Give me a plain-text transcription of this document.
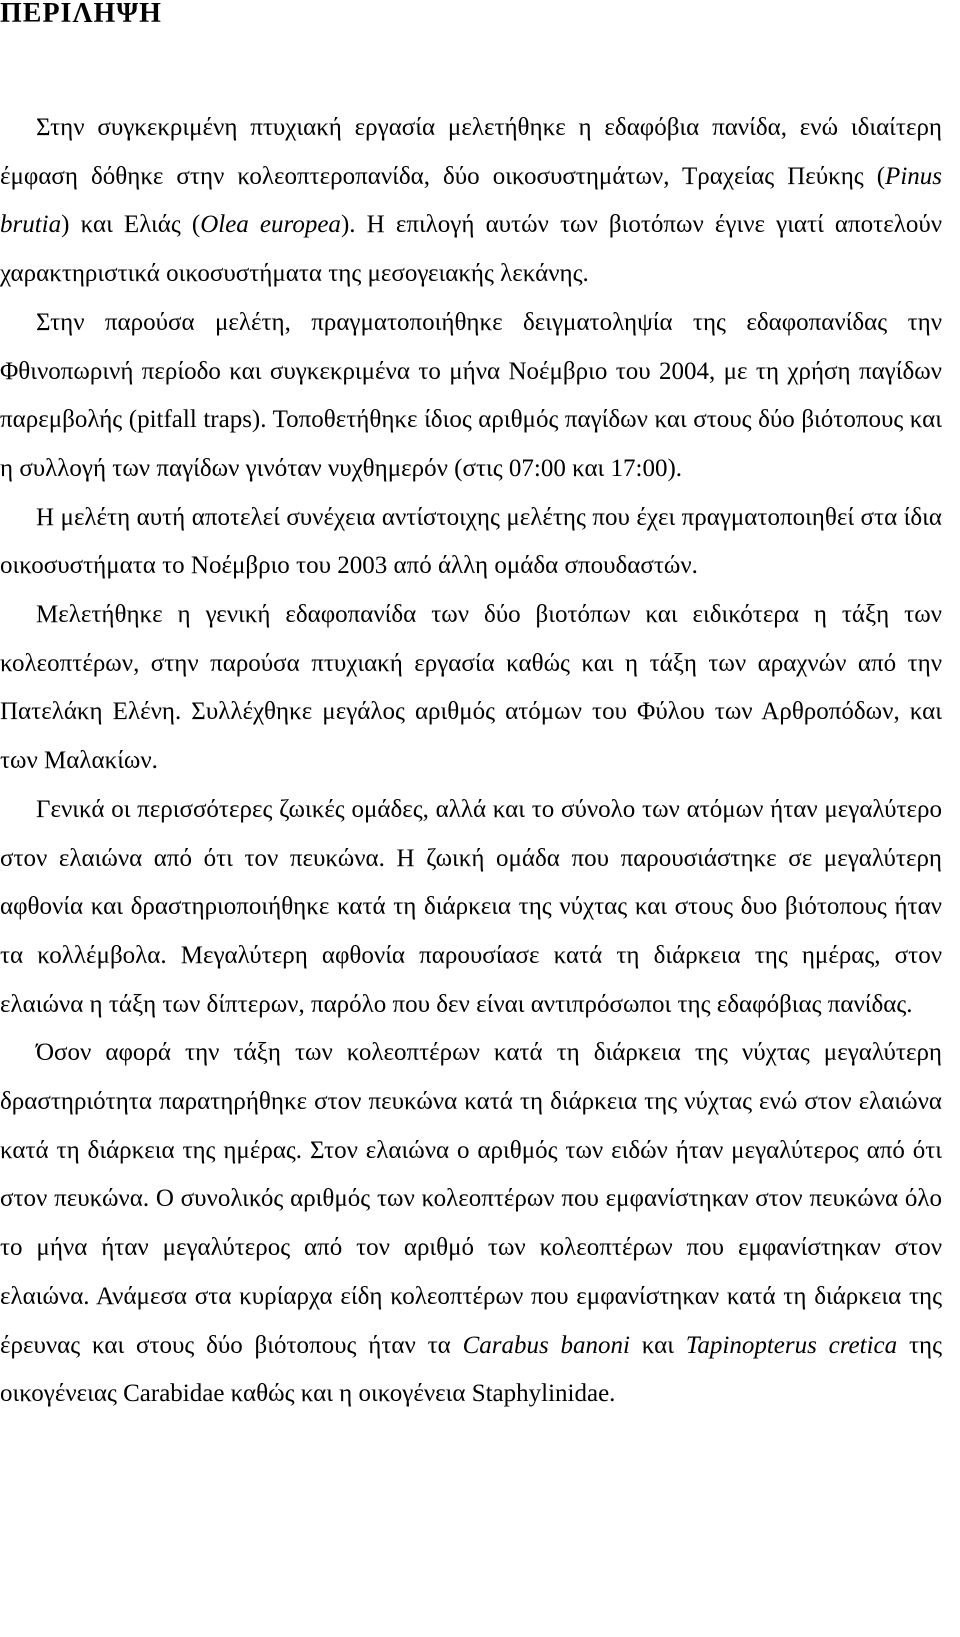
ΠΕΡΙΛΗΨΗ

Στην συγκεκριμένη πτυχιακή εργασία μελετήθηκε η εδαφόβια πανίδα, ενώ ιδιαίτερη έμφαση δόθηκε στην κολεοπτεροπανίδα, δύο οικοσυστημάτων, Τραχείας Πεύκης (Pinus brutia) και Ελιάς (Olea europea). Η επιλογή αυτών των βιοτόπων έγινε γιατί αποτελούν χαρακτηριστικά οικοσυστήματα της μεσογειακής λεκάνης.

Στην παρούσα μελέτη, πραγματοποιήθηκε δειγματοληψία της εδαφοπανίδας την Φθινοπωρινή περίοδο και συγκεκριμένα το μήνα Νοέμβριο του 2004, με τη χρήση παγίδων παρεμβολής (pitfall traps). Τοποθετήθηκε ίδιος αριθμός παγίδων και στους δύο βιότοπους και η συλλογή των παγίδων γινόταν νυχθημερόν (στις 07:00 και 17:00).

Η μελέτη αυτή αποτελεί συνέχεια αντίστοιχης μελέτης που έχει πραγματοποιηθεί στα ίδια οικοσυστήματα το Νοέμβριο του 2003 από άλλη ομάδα σπουδαστών.

Μελετήθηκε η γενική εδαφοπανίδα των δύο βιοτόπων και ειδικότερα η τάξη των κολεοπτέρων, στην παρούσα πτυχιακή εργασία καθώς και η τάξη των αραχνών από την Πατελάκη Ελένη. Συλλέχθηκε μεγάλος αριθμός ατόμων του Φύλου των Αρθροπόδων, και των Μαλακίων.

Γενικά οι περισσότερες ζωικές ομάδες, αλλά και το σύνολο των ατόμων ήταν μεγαλύτερο στον ελαιώνα από ότι τον πευκώνα. Η ζωική ομάδα που παρουσιάστηκε σε μεγαλύτερη αφθονία και δραστηριοποιήθηκε κατά τη διάρκεια της νύχτας και στους δυο βιότοπους ήταν τα κολλέμβολα. Μεγαλύτερη αφθονία παρουσίασε κατά τη διάρκεια της ημέρας, στον ελαιώνα η τάξη των δίπτερων, παρόλο που δεν είναι αντιπρόσωποι της εδαφόβιας πανίδας.

Όσον αφορά την τάξη των κολεοπτέρων κατά τη διάρκεια της νύχτας μεγαλύτερη δραστηριότητα παρατηρήθηκε στον πευκώνα κατά τη διάρκεια της νύχτας ενώ στον ελαιώνα κατά τη διάρκεια της ημέρας. Στον ελαιώνα ο αριθμός των ειδών ήταν μεγαλύτερος από ότι στον πευκώνα. Ο συνολικός αριθμός των κολεοπτέρων που εμφανίστηκαν στον πευκώνα όλο το μήνα ήταν μεγαλύτερος από τον αριθμό των κολεοπτέρων που εμφανίστηκαν στον ελαιώνα. Ανάμεσα στα κυρίαρχα είδη κολεοπτέρων που εμφανίστηκαν κατά τη διάρκεια της έρευνας και στους δύο βιότοπους ήταν τα Carabus banoni και Tapinopterus cretica της οικογένειας Carabidae καθώς και η οικογένεια Staphylinidae.
